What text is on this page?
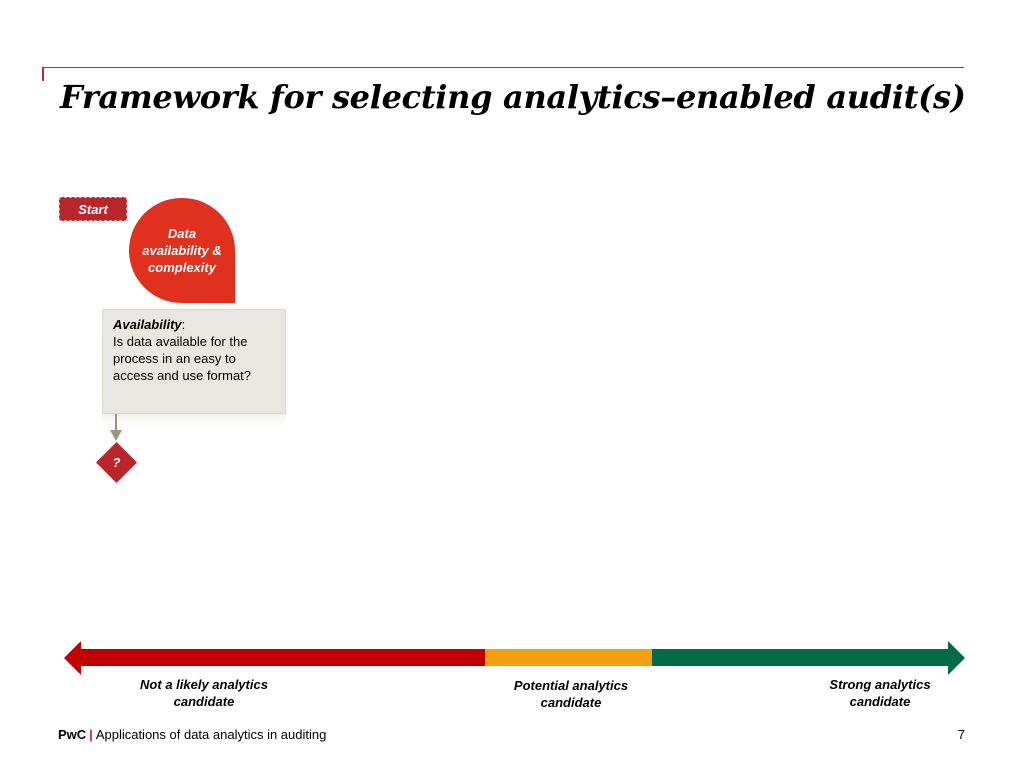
Framework for selecting analytics–enabled audit(s)
Start
Data availability & complexity
Availability:
Is data available for the process in an easy to access and use format?
?
Not a likely analytics candidate
Potential analytics candidate
Strong analytics candidate
PwC | Applications of data analytics in auditing	7
